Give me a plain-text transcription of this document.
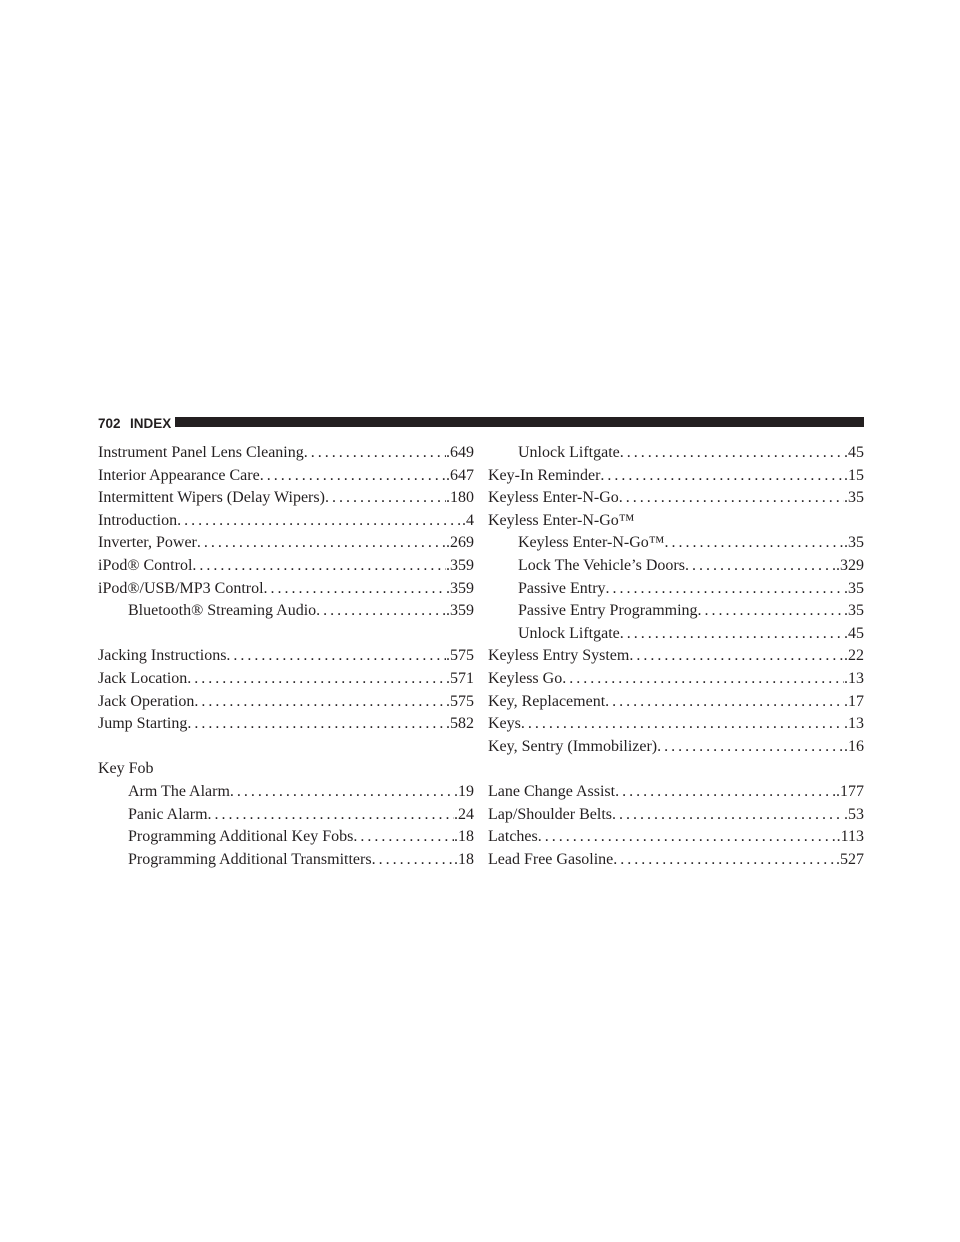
702 INDEX
Instrument Panel Lens Cleaning . . .	.649
Interior Appearance Care . . .	.647
Intermittent Wipers (Delay Wipers) . . .	.180
Introduction . . .	.4
Inverter, Power . . .	.269
iPod® Control . . .	.359
iPod®/USB/MP3 Control . . .	.359
Bluetooth® Streaming Audio . . .	.359
Jacking Instructions . . .	.575
Jack Location . . .	.571
Jack Operation . . .	.575
Jump Starting . . .	.582
Key Fob
Arm The Alarm . . .	.19
Panic Alarm . . .	.24
Programming Additional Key Fobs . . .	.18
Programming Additional Transmitters . . .	.18
Unlock Liftgate . . .	.45
Key-In Reminder . . .	.15
Keyless Enter-N-Go . . .	.35
Keyless Enter-N-Go™
Keyless Enter-N-Go™ . . .	.35
Lock The Vehicle’s Doors . . .	.329
Passive Entry . . .	.35
Passive Entry Programming . . .	.35
Unlock Liftgate . . .	.45
Keyless Entry System . . .	.22
Keyless Go . . .	.13
Key, Replacement . . .	.17
Keys . . .	.13
Key, Sentry (Immobilizer) . . .	.16
Lane Change Assist . . .	.177
Lap/Shoulder Belts . . .	.53
Latches . . .	.113
Lead Free Gasoline . . .	.527
